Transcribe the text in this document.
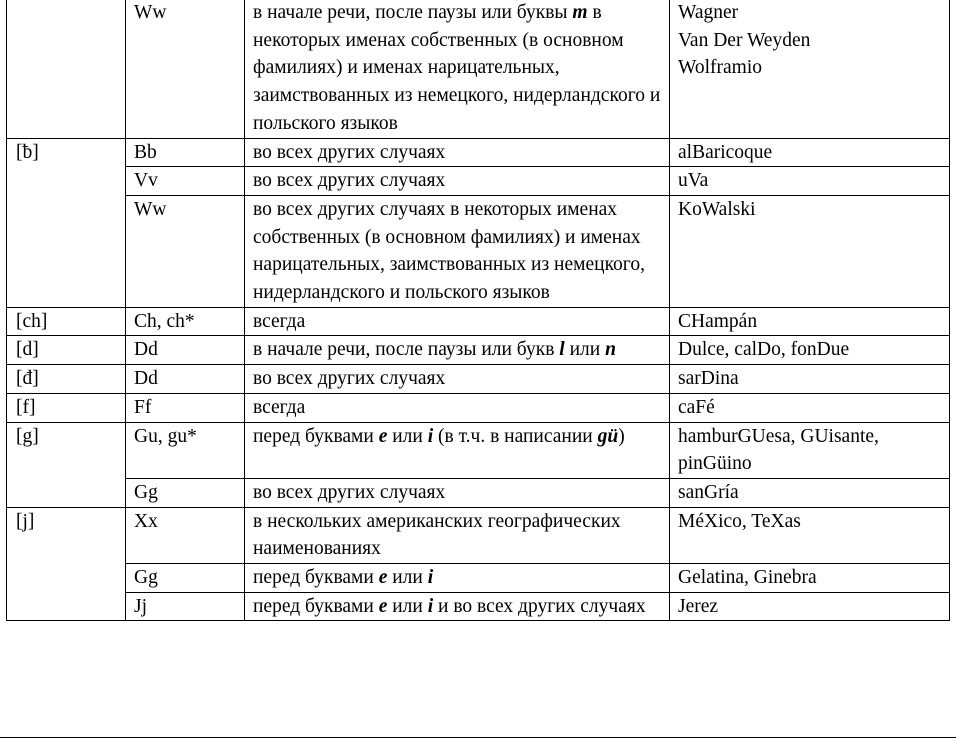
	Ww	в начале речи, после паузы или буквы m в некоторых именах собственных (в основном фамилиях) и именах нарицательных, заимствованных из немецкого, нидерландского и польского языков	Wagner
Van Der Weyden
Wolframio

[ƀ]	Bb	во всех других случаях	alBaricoque
	Vv	во всех других случаях	uVa
	Ww	во всех других случаях в некоторых именах собственных (в основном фамилиях) и именах нарицательных, заимствованных из немецкого, нидерландского и польского языков	KoWalski
[ch]	Ch, ch*	всегда	CHampán
[d]	Dd	в начале речи, после паузы или букв l или n	Dulce, calDo, fonDue
[đ]	Dd	во всех других случаях	sarDina
[f]	Ff	всегда	caFé
[g]	Gu, gu*	перед буквами e или i (в т.ч. в написании gü)	hamburGUesa, GUisante,
pinGüino

	Gg	во всех других случаях	sanGría
[j]	Xx	в нескольких американских географических наименованиях	MéXico, TeXas
	Gg	перед буквами e или i	Gelatina, Ginebra
	Jj	перед буквами e или i и во всех других случаях	Jerez
